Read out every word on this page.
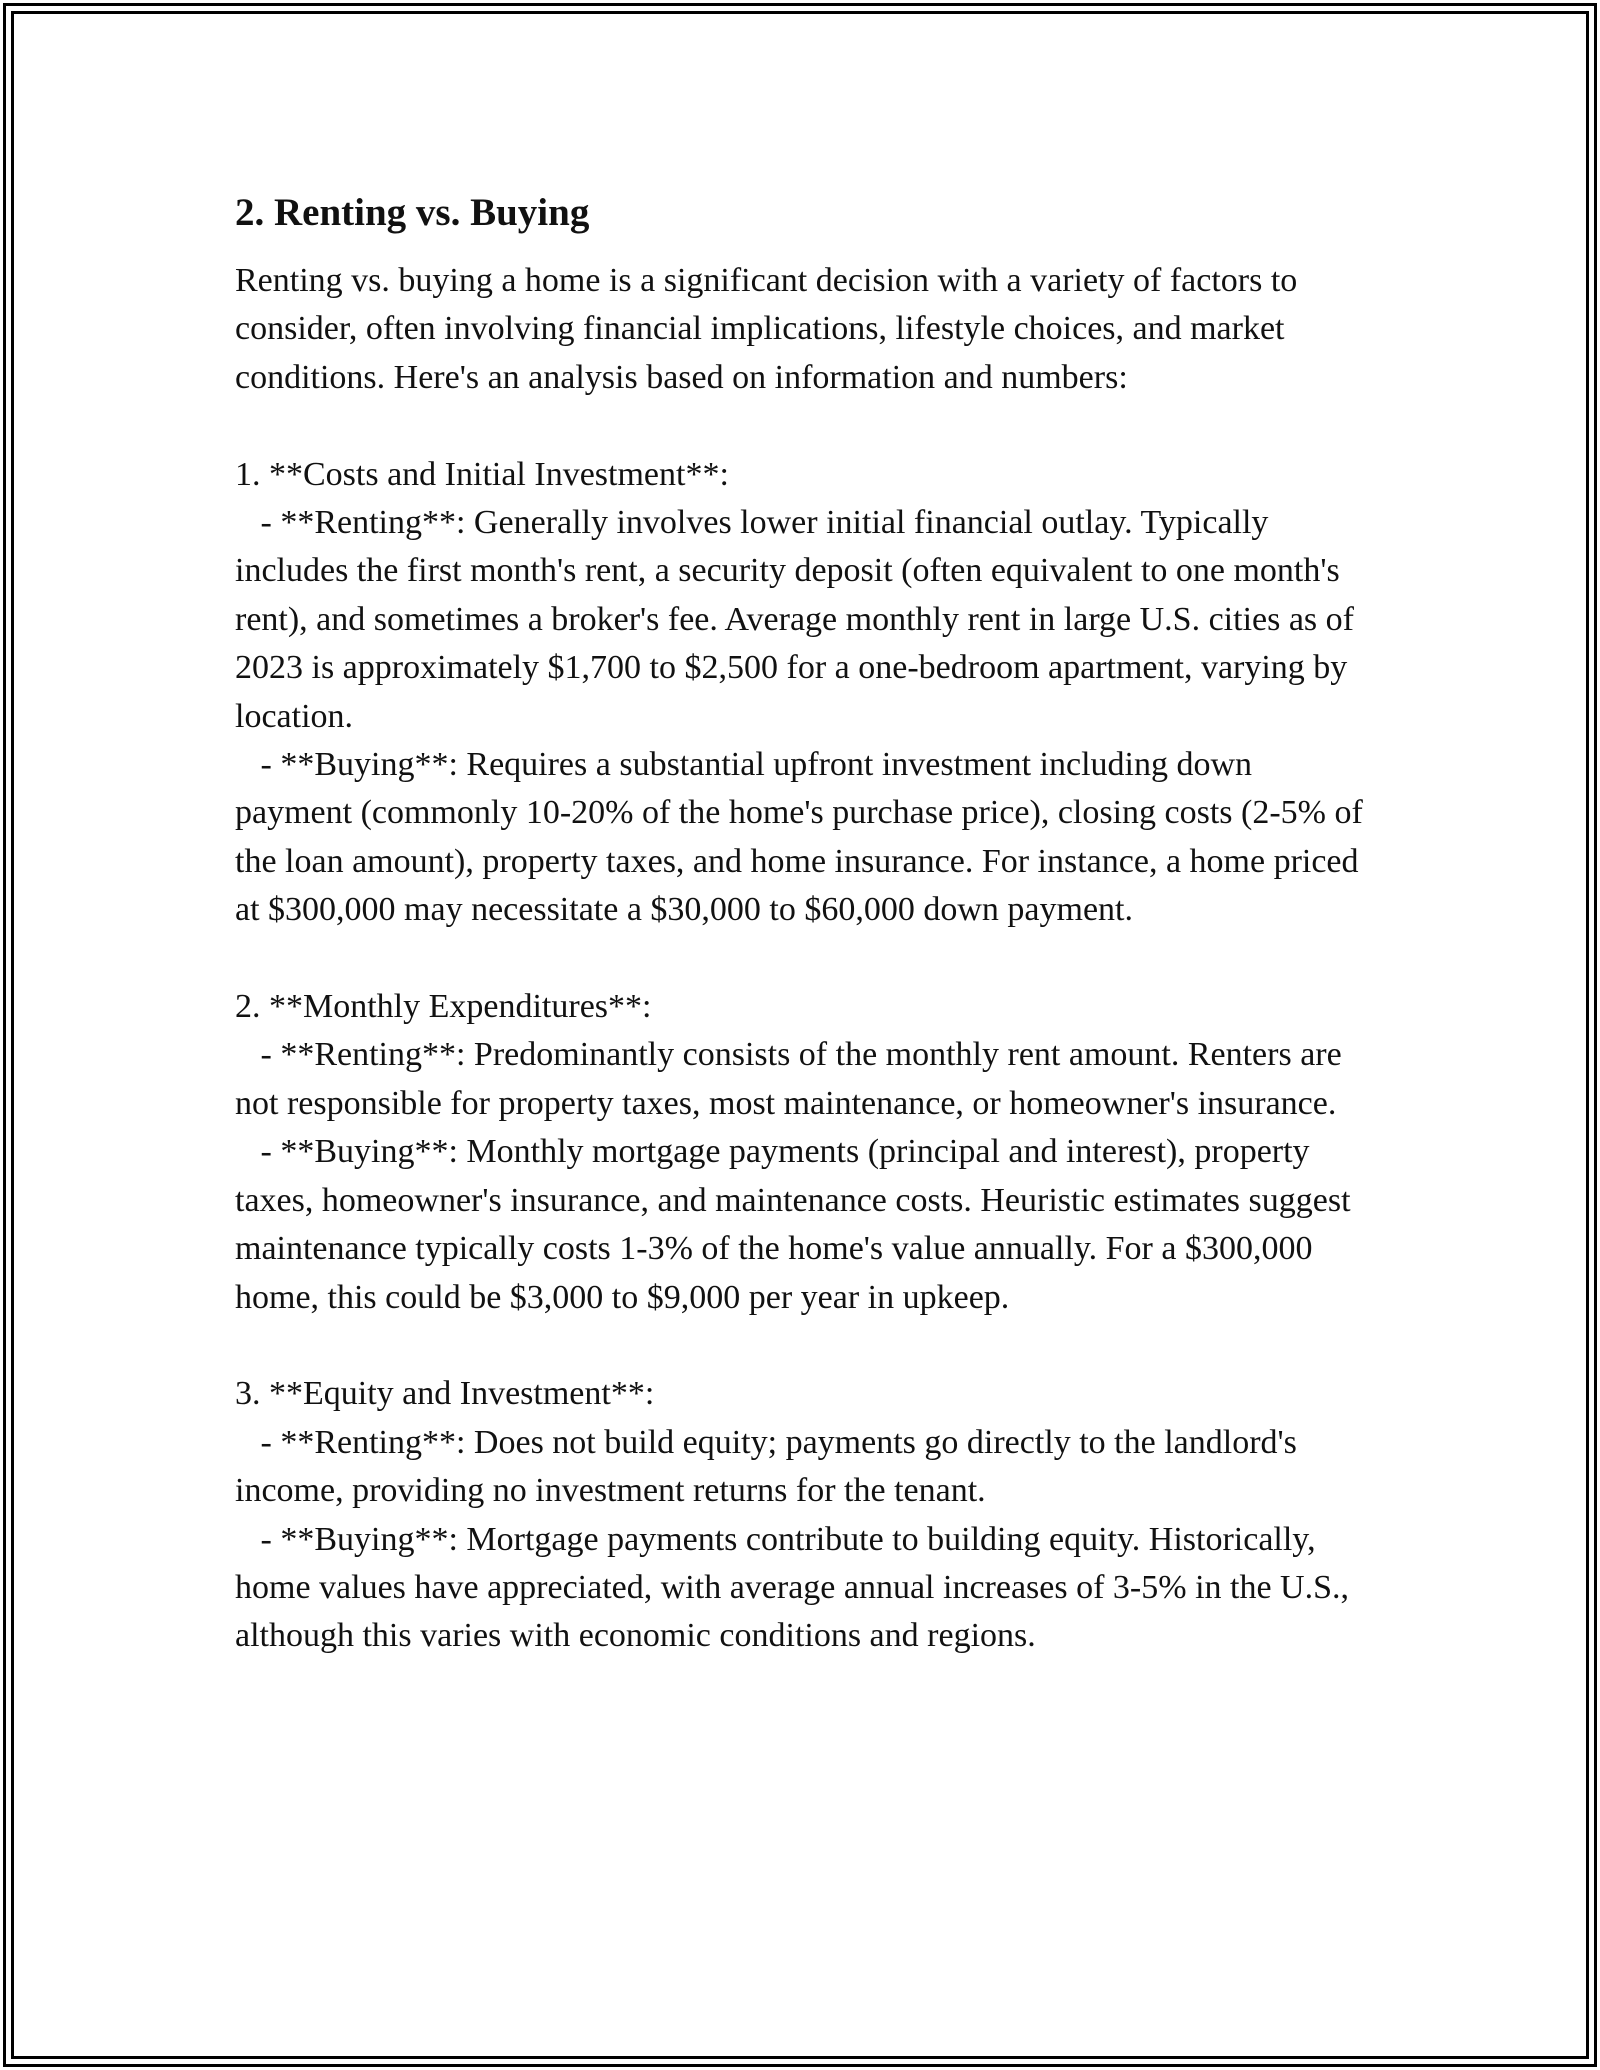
2. Renting vs. Buying

Renting vs. buying a home is a significant decision with a variety of factors to consider, often involving financial implications, lifestyle choices, and market conditions. Here's an analysis based on information and numbers:

1. **Costs and Initial Investment**:

- **Renting**: Generally involves lower initial financial outlay. Typically includes the first month's rent, a security deposit (often equivalent to one month's rent), and sometimes a broker's fee. Average monthly rent in large U.S. cities as of 2023 is approximately $1,700 to $2,500 for a one-bedroom apartment, varying by location.

- **Buying**: Requires a substantial upfront investment including down payment (commonly 10-20% of the home's purchase price), closing costs (2-5% of the loan amount), property taxes, and home insurance. For instance, a home priced at $300,000 may necessitate a $30,000 to $60,000 down payment.

2. **Monthly Expenditures**:

- **Renting**: Predominantly consists of the monthly rent amount. Renters are not responsible for property taxes, most maintenance, or homeowner's insurance.

- **Buying**: Monthly mortgage payments (principal and interest), property taxes, homeowner's insurance, and maintenance costs. Heuristic estimates suggest maintenance typically costs 1-3% of the home's value annually. For a $300,000 home, this could be $3,000 to $9,000 per year in upkeep.

3. **Equity and Investment**:

- **Renting**: Does not build equity; payments go directly to the landlord's income, providing no investment returns for the tenant.

- **Buying**: Mortgage payments contribute to building equity. Historically, home values have appreciated, with average annual increases of 3-5% in the U.S., although this varies with economic conditions and regions.
